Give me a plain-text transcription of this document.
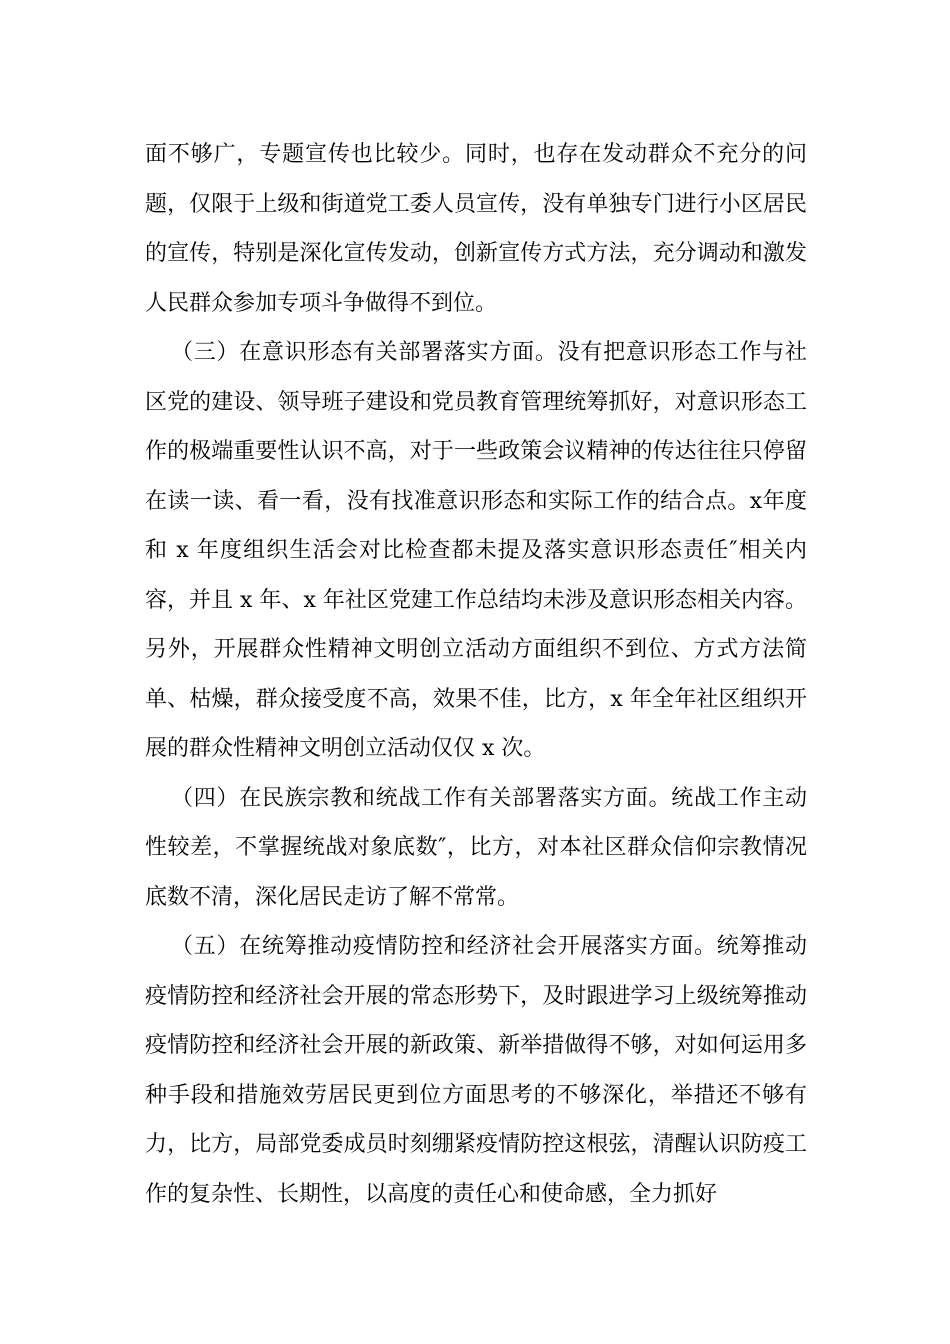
面不够广，专题宣传也比较少。同时，也存在发动群众不充分的问题，仅限于上级和街道党工委人员宣传，没有单独专门进行小区居民的宣传，特别是深化宣传发动，创新宣传方式方法，充分调动和激发人民群众参加专项斗争做得不到位。

（三）在意识形态有关部署落实方面。没有把意识形态工作与社区党的建设、领导班子建设和党员教育管理统筹抓好，对意识形态工作的极端重要性认识不高，对于一些政策会议精神的传达往往只停留在读一读、看一看，没有找准意识形态和实际工作的结合点。x年度和 x 年度组织生活会对比检查都未提及落实意识形态责任″相关内容，并且 x 年、x 年社区党建工作总结均未涉及意识形态相关内容。另外，开展群众性精神文明创立活动方面组织不到位、方式方法简单、枯燥，群众接受度不高，效果不佳，比方，x 年全年社区组织开展的群众性精神文明创立活动仅仅 x 次。

（四）在民族宗教和统战工作有关部署落实方面。统战工作主动性较差，不掌握统战对象底数″，比方，对本社区群众信仰宗教情况底数不清，深化居民走访了解不常常。

（五）在统筹推动疫情防控和经济社会开展落实方面。统筹推动疫情防控和经济社会开展的常态形势下，及时跟进学习上级统筹推动疫情防控和经济社会开展的新政策、新举措做得不够，对如何运用多种手段和措施效劳居民更到位方面思考的不够深化，举措还不够有力，比方，局部党委成员时刻绷紧疫情防控这根弦，清醒认识防疫工作的复杂性、长期性，以高度的责任心和使命感，全力抓好
